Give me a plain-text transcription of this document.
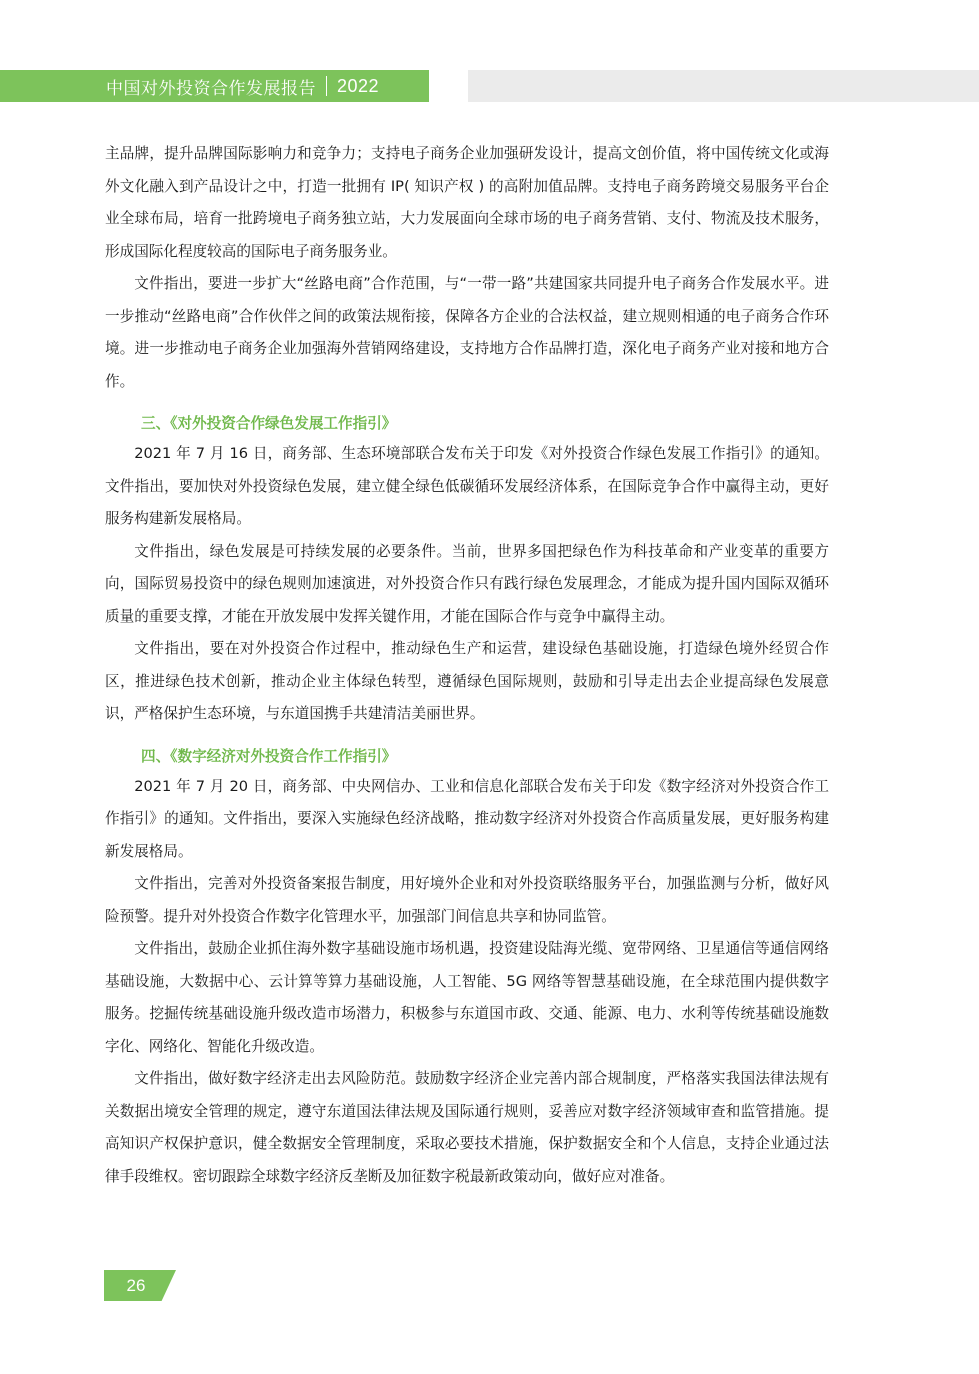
中国对外投资合作发展报告 2022

主品牌，提升品牌国际影响力和竞争力；支持电子商务企业加强研发设计，提高文创价值，将中国传统文化或海外文化融入到产品设计之中，打造一批拥有 IP( 知识产权 ) 的高附加值品牌。支持电子商务跨境交易服务平台企业全球布局，培育一批跨境电子商务独立站，大力发展面向全球市场的电子商务营销、支付、物流及技术服务，形成国际化程度较高的国际电子商务服务业。

文件指出，要进一步扩大“丝路电商”合作范围，与“一带一路”共建国家共同提升电子商务合作发展水平。进一步推动“丝路电商”合作伙伴之间的政策法规衔接，保障各方企业的合法权益，建立规则相通的电子商务合作环境。进一步推动电子商务企业加强海外营销网络建设，支持地方合作品牌打造，深化电子商务产业对接和地方合作。

三、《对外投资合作绿色发展工作指引》

2021 年 7 月 16 日，商务部、生态环境部联合发布关于印发《对外投资合作绿色发展工作指引》的通知。文件指出，要加快对外投资绿色发展，建立健全绿色低碳循环发展经济体系，在国际竞争合作中赢得主动，更好服务构建新发展格局。

文件指出，绿色发展是可持续发展的必要条件。当前，世界多国把绿色作为科技革命和产业变革的重要方向，国际贸易投资中的绿色规则加速演进，对外投资合作只有践行绿色发展理念，才能成为提升国内国际双循环质量的重要支撑，才能在开放发展中发挥关键作用，才能在国际合作与竞争中赢得主动。

文件指出，要在对外投资合作过程中，推动绿色生产和运营，建设绿色基础设施，打造绿色境外经贸合作区，推进绿色技术创新，推动企业主体绿色转型，遵循绿色国际规则，鼓励和引导走出去企业提高绿色发展意识，严格保护生态环境，与东道国携手共建清洁美丽世界。

四、《数字经济对外投资合作工作指引》

2021 年 7 月 20 日，商务部、中央网信办、工业和信息化部联合发布关于印发《数字经济对外投资合作工作指引》的通知。文件指出，要深入实施绿色经济战略，推动数字经济对外投资合作高质量发展，更好服务构建新发展格局。

文件指出，完善对外投资备案报告制度，用好境外企业和对外投资联络服务平台，加强监测与分析，做好风险预警。提升对外投资合作数字化管理水平，加强部门间信息共享和协同监管。

文件指出，鼓励企业抓住海外数字基础设施市场机遇，投资建设陆海光缆、宽带网络、卫星通信等通信网络基础设施，大数据中心、云计算等算力基础设施，人工智能、5G 网络等智慧基础设施，在全球范围内提供数字服务。挖掘传统基础设施升级改造市场潜力，积极参与东道国市政、交通、能源、电力、水利等传统基础设施数字化、网络化、智能化升级改造。

文件指出，做好数字经济走出去风险防范。鼓励数字经济企业完善内部合规制度，严格落实我国法律法规有关数据出境安全管理的规定，遵守东道国法律法规及国际通行规则，妥善应对数字经济领域审查和监管措施。提高知识产权保护意识，健全数据安全管理制度，采取必要技术措施，保护数据安全和个人信息，支持企业通过法律手段维权。密切跟踪全球数字经济反垄断及加征数字税最新政策动向，做好应对准备。

26
